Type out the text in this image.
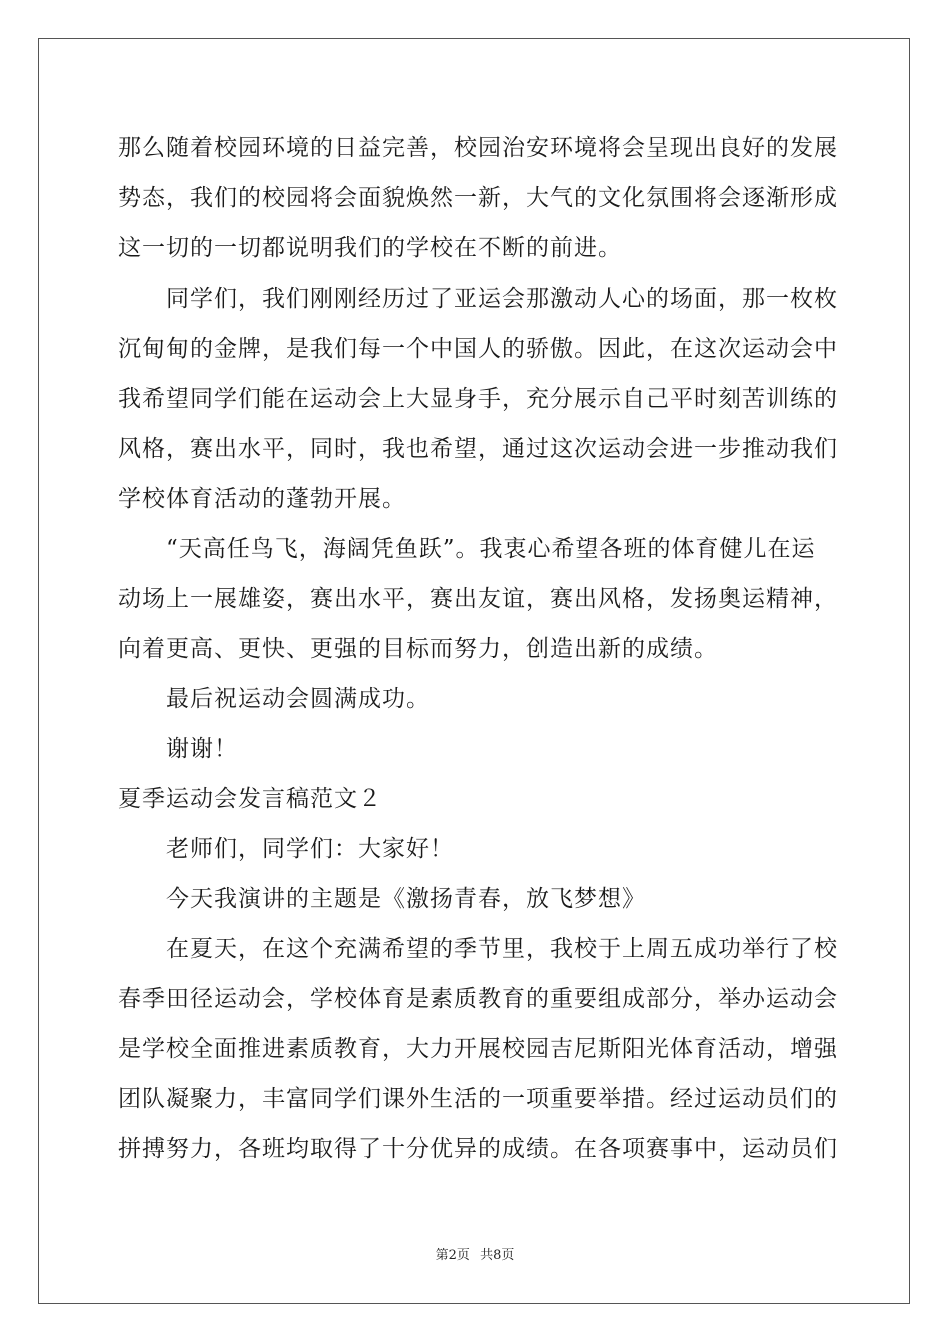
那么随着校园环境的日益完善，校园治安环境将会呈现出良好的发展
势态，我们的校园将会面貌焕然一新，大气的文化氛围将会逐渐形成
这一切的一切都说明我们的学校在不断的前进。
　　同学们，我们刚刚经历过了亚运会那激动人心的场面，那一枚枚
沉甸甸的金牌，是我们每一个中国人的骄傲。因此，在这次运动会中
我希望同学们能在运动会上大显身手，充分展示自己平时刻苦训练的
风格，赛出水平，同时，我也希望，通过这次运动会进一步推动我们
学校体育活动的蓬勃开展。
　　“天高任鸟飞，海阔凭鱼跃”。我衷心希望各班的体育健儿在运
动场上一展雄姿，赛出水平，赛出友谊，赛出风格，发扬奥运精神，
向着更高、更快、更强的目标而努力，创造出新的成绩。
　　最后祝运动会圆满成功。
　　谢谢！
夏季运动会发言稿范文２
　　老师们，同学们：大家好！
　　今天我演讲的主题是《激扬青春，放飞梦想》
　　在夏天，在这个充满希望的季节里，我校于上周五成功举行了校
春季田径运动会，学校体育是素质教育的重要组成部分，举办运动会
是学校全面推进素质教育，大力开展校园吉尼斯阳光体育活动，增强
团队凝聚力，丰富同学们课外生活的一项重要举措。经过运动员们的
拼搏努力，各班均取得了十分优异的成绩。在各项赛事中，运动员们
第2页 共8页
